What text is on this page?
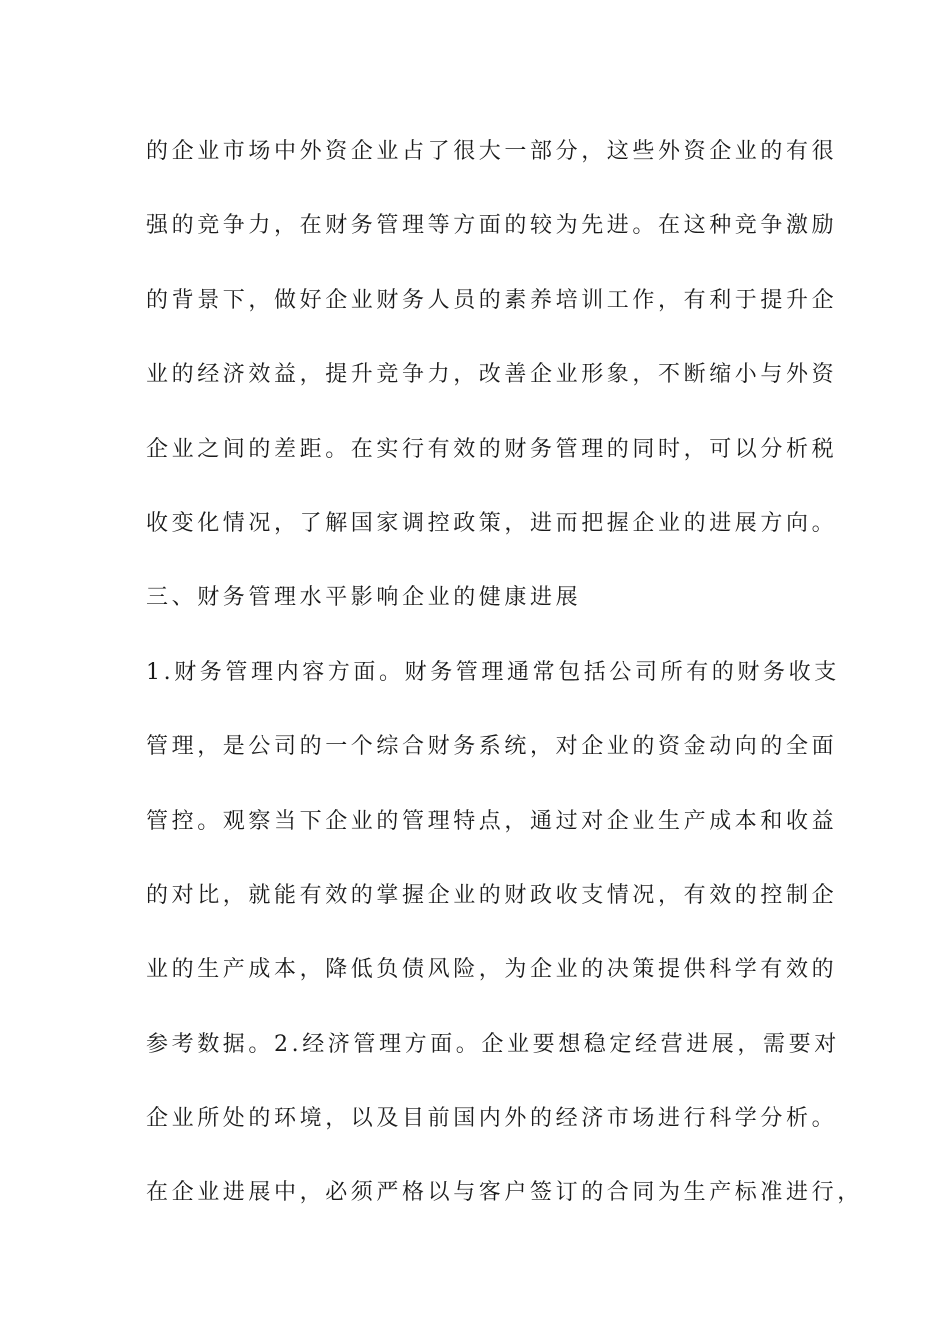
的企业市场中外资企业占了很大一部分，这些外资企业的有很
强的竞争力，在财务管理等方面的较为先进。在这种竞争激励
的背景下，做好企业财务人员的素养培训工作，有利于提升企
业的经济效益，提升竞争力，改善企业形象，不断缩小与外资
企业之间的差距。在实行有效的财务管理的同时，可以分析税
收变化情况，了解国家调控政策，进而把握企业的进展方向。
三、财务管理水平影响企业的健康进展
1.财务管理内容方面。财务管理通常包括公司所有的财务收支
管理，是公司的一个综合财务系统，对企业的资金动向的全面
管控。观察当下企业的管理特点，通过对企业生产成本和收益
的对比，就能有效的掌握企业的财政收支情况，有效的控制企
业的生产成本，降低负债风险，为企业的决策提供科学有效的
参考数据。2.经济管理方面。企业要想稳定经营进展，需要对
企业所处的环境，以及目前国内外的经济市场进行科学分析。
在企业进展中，必须严格以与客户签订的合同为生产标准进行，
